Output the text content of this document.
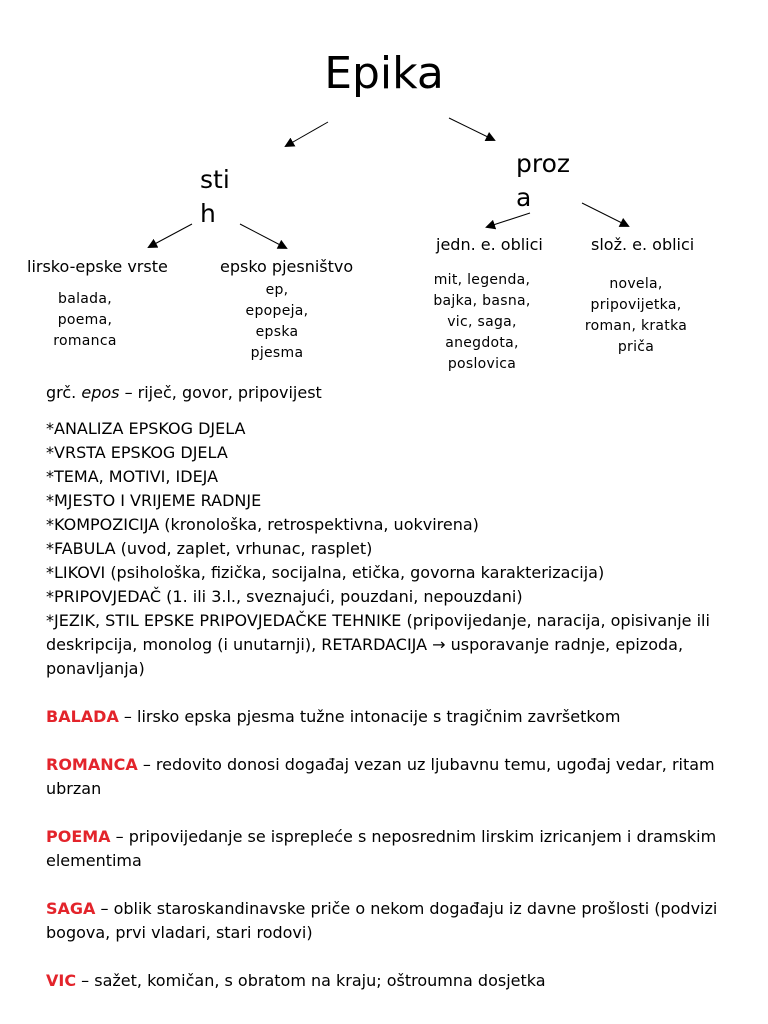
Epika
sti
h
proz
a
lirsko-epske vrste	epsko pjesništvo
jedn. e. oblici	slož. e. oblici
balada,
poema,
romanca
ep,
epopeja,
epska
pjesma
mit, legenda,
bajka, basna,
vic, saga,
anegdota,
poslovica
novela,
pripovijetka,
roman, kratka
priča

grč. epos – riječ, govor, pripovijest

*ANALIZA EPSKOG DJELA

*VRSTA EPSKOG DJELA

*TEMA, MOTIVI, IDEJA

*MJESTO I VRIJEME RADNJE

*KOMPOZICIJA (kronološka, retrospektivna, uokvirena)

*FABULA (uvod, zaplet, vrhunac, rasplet)

*LIKOVI (psihološka, fizička, socijalna, etička, govorna karakterizacija)

*PRIPOVJEDAČ (1. ili 3.l., sveznajući, pouzdani, nepouzdani)

*JEZIK, STIL EPSKE PRIPOVJEDAČKE TEHNIKE (pripovijedanje, naracija, opisivanje ili deskripcija, monolog (i unutarnji), RETARDACIJA → usporavanje radnje, epizoda, ponavljanja)

BALADA – lirsko epska pjesma tužne intonacije s tragičnim završetkom

ROMANCA – redovito donosi događaj vezan uz ljubavnu temu, ugođaj vedar, ritam ubrzan

POEMA – pripovijedanje se isprepleće s neposrednim lirskim izricanjem i dramskim elementima

SAGA – oblik staroskandinavske priče o nekom događaju iz davne prošlosti (podvizi bogova, prvi vladari, stari rodovi)

VIC – sažet, komičan, s obratom na kraju; oštroumna dosjetka
